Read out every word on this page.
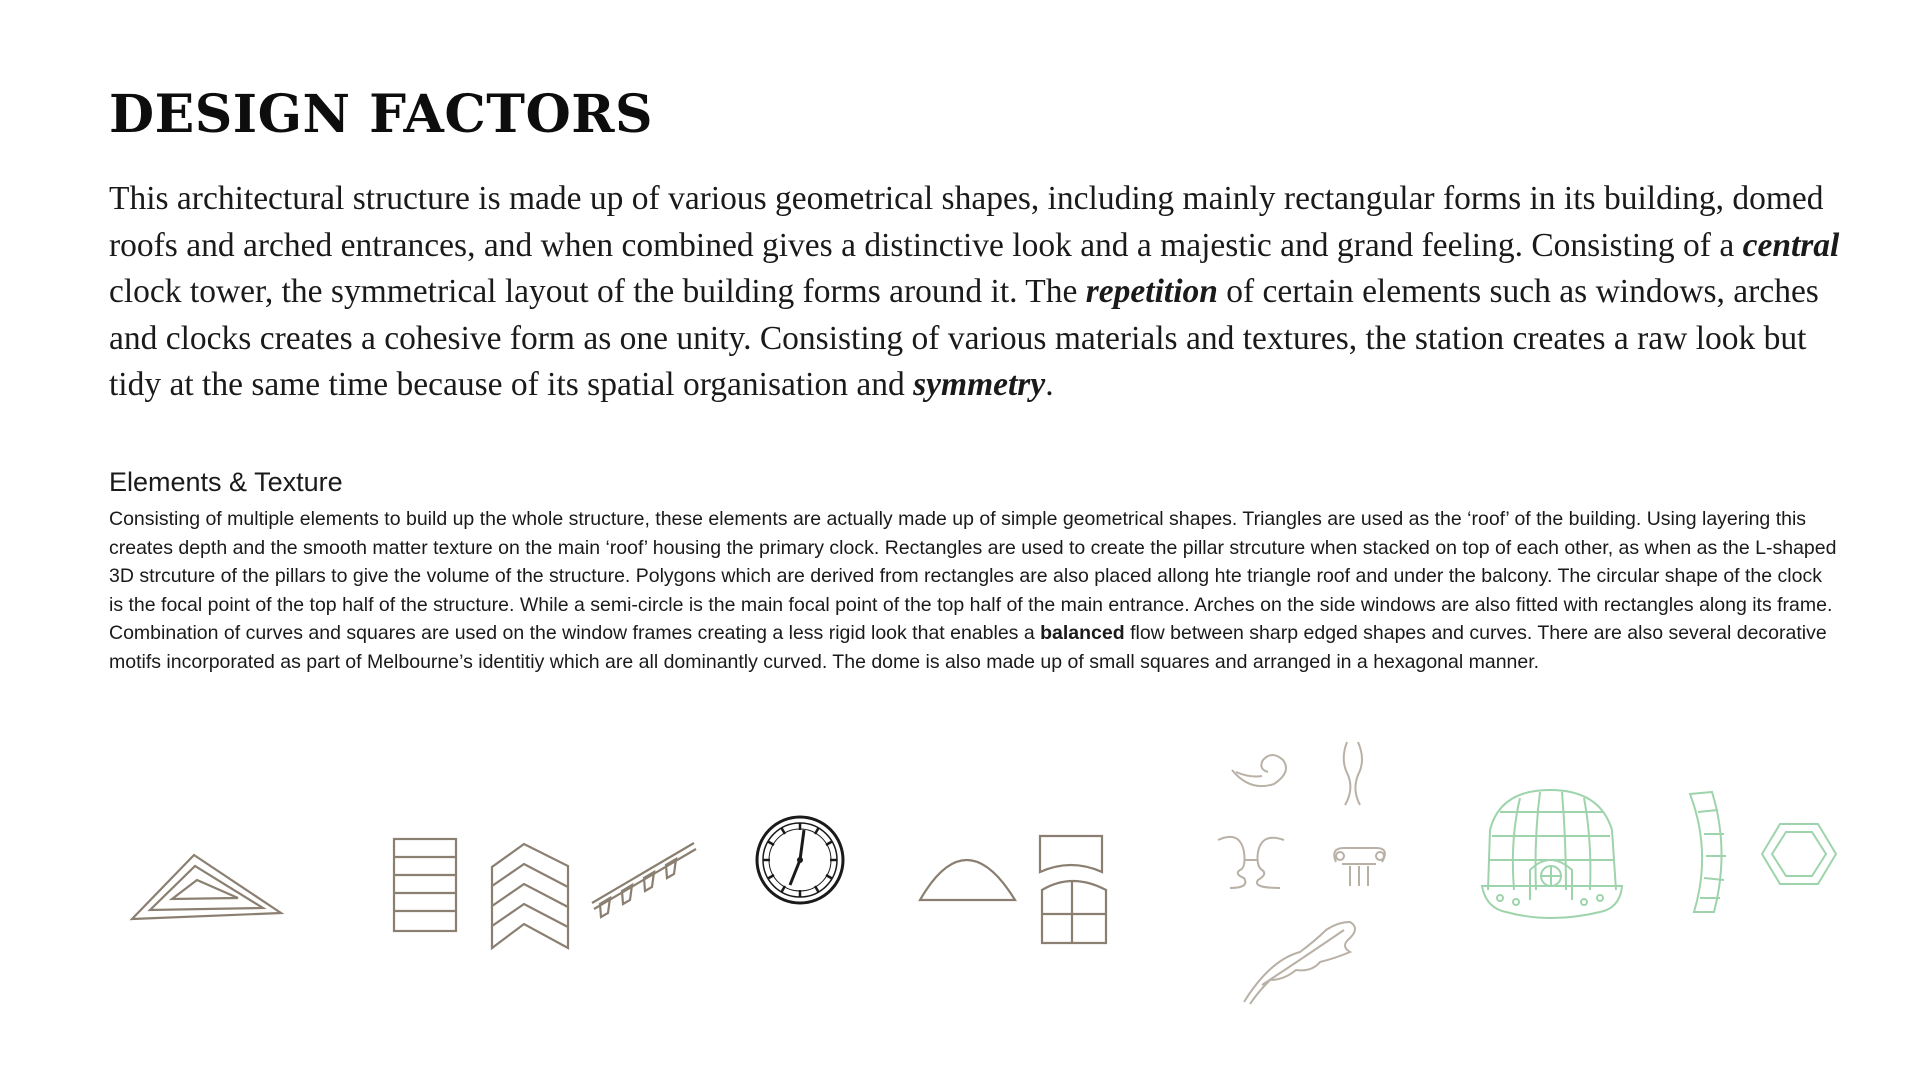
DESIGN FACTORS

This architectural structure is made up of various geometrical shapes, including mainly rectangular forms in its building, domed roofs and arched entrances, and when combined gives a distinctive look and a majestic and grand feeling. Consisting of a central clock tower, the symmetrical layout of the building forms around it. The repetition of certain elements such as windows, arches and clocks creates a cohesive form as one unity. Consisting of various materials and textures, the station creates a raw look but tidy at the same time because of its spatial organisation and symmetry.

Elements & Texture

Consisting of multiple elements to build up the whole structure, these elements are actually made up of simple geometrical shapes. Triangles are used as the ‘roof’ of the building. Using layering this creates depth and the smooth matter texture on the main ‘roof’ housing the primary clock. Rectangles are used to create the pillar strcuture when stacked on top of each other, as when as the L-shaped 3D strcuture of the pillars to give the volume of the structure. Polygons which are derived from rectangles are also placed allong hte triangle roof and under the balcony. The circular shape of the clock is the focal point of the top half of the structure. While a semi-circle is the main focal point of the top half of the main entrance. Arches on the side windows are also fitted with rectangles along its frame. Combination of curves and squares are used on the window frames creating a less rigid look that enables a balanced flow between sharp edged shapes and curves. There are also several decorative motifs incorporated as part of Melbourne’s identitiy which are all dominantly curved. The dome is also made up of small squares and arranged in a hexagonal manner.
